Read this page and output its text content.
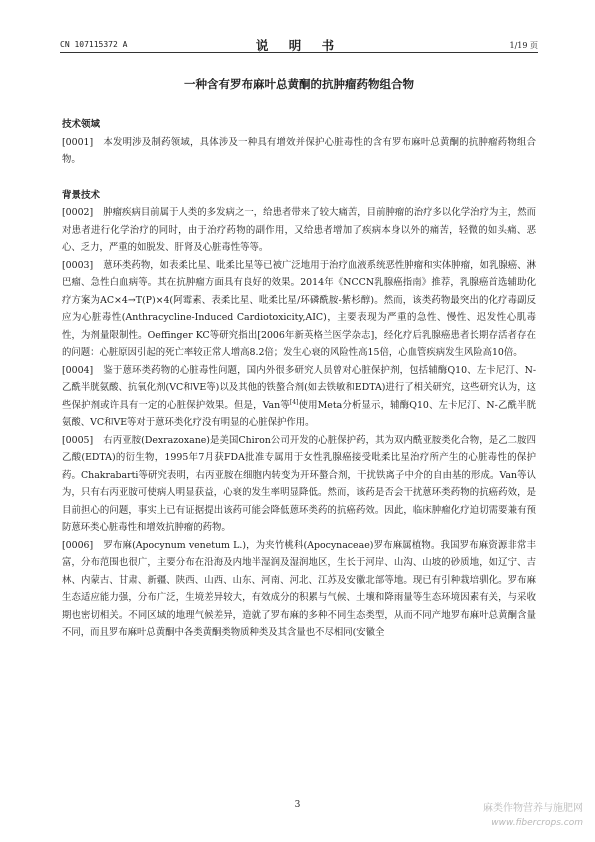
CN 107115372 A	说 明 书	1/19 页
一种含有罗布麻叶总黄酮的抗肿瘤药物组合物

技术领域

[0001] 本发明涉及制药领域，具体涉及一种具有增效并保护心脏毒性的含有罗布麻叶总黄酮的抗肿瘤药物组合物。

背景技术

[0002] 肿瘤疾病目前属于人类的多发病之一，给患者带来了较大痛苦，目前肿瘤的治疗多以化学治疗为主，然而对患者进行化学治疗的同时，由于治疗药物的副作用，又给患者增加了疾病本身以外的痛苦，轻微的如头痛、恶心、乏力，严重的如脱发、肝肾及心脏毒性等等。

[0003] 蒽环类药物，如表柔比星、吡柔比星等已被广泛地用于治疗血液系统恶性肿瘤和实体肿瘤，如乳腺癌、淋巴瘤、急性白血病等。其在抗肿瘤方面具有良好的效果。2014年《NCCN乳腺癌指南》推荐，乳腺癌首选辅助化疗方案为AC×4→T(P)×4(阿霉素、表柔比星、吡柔比星/环磷酰胺-紫杉醇)。然而，该类药物最突出的化疗毒副反应为心脏毒性(Anthracycline-Induced Cardiotoxicity,AIC)，主要表现为严重的急性、慢性、迟发性心肌毒性，为剂量限制性。Oeffinger KC等研究指出[2006年新英格兰医学杂志]，经化疗后乳腺癌患者长期存活者存在的问题：心脏原因引起的死亡率较正常人增高8.2倍；发生心衰的风险性高15倍，心血管疾病发生风险高10倍。

[0004] 鉴于蒽环类药物的心脏毒性问题，国内外很多研究人员曾对心脏保护剂，包括辅酶Q10、左卡尼汀、N-乙酰半胱氨酸、抗氧化剂(VC和VE等)以及其他的铁螯合剂(如去铁敏和EDTA)进行了相关研究，这些研究认为，这些保护剂或许具有一定的心脏保护效果。但是，Van等[4]使用Meta分析显示，辅酶Q10、左卡尼汀、N-乙酰半胱氨酸、VC和VE等对于蒽环类化疗没有明显的心脏保护作用。

[0005] 右丙亚胺(Dexrazoxane)是美国Chiron公司开发的心脏保护药，其为双内酰亚胺类化合物，是乙二胺四乙酸(EDTA)的衍生物，1995年7月获FDA批准专属用于女性乳腺癌接受吡柔比星治疗所产生的心脏毒性的保护药。Chakrabarti等研究表明，右丙亚胺在细胞内转变为开环螯合剂，干扰铁离子中介的自由基的形成。Van等认为，只有右丙亚胺可使病人明显获益，心衰的发生率明显降低。然而，该药是否会干扰蒽环类药物的抗癌药效，是目前担心的问题，事实上已有证据提出该药可能会降低蒽环类药的抗癌药效。因此，临床肿瘤化疗迫切需要兼有预防蒽环类心脏毒性和增效抗肿瘤的药物。

[0006] 罗布麻(Apocynum venetum L.)，为夹竹桃科(Apocynaceae)罗布麻属植物。我国罗布麻资源非常丰富，分布范围也很广，主要分布在沿海及内地半湿润及湿润地区，生长于河岸、山沟、山坡的砂质地，如辽宁、吉林、内蒙古、甘肃、新疆、陕西、山西、山东、河南、河北、江苏及安徽北部等地。现已有引种栽培驯化。罗布麻生态适应能力强，分布广泛，生境差异较大，有效成分的积累与气候、土壤和降雨量等生态环境因素有关，与采收期也密切相关。不同区域的地理气候差异，造就了罗布麻的多种不同生态类型，从而不同产地罗布麻叶总黄酮含量不同，而且罗布麻叶总黄酮中各类黄酮类物质种类及其含量也不尽相同(安徽全

3	麻类作物营养与施肥网
www.fibercrops.com
